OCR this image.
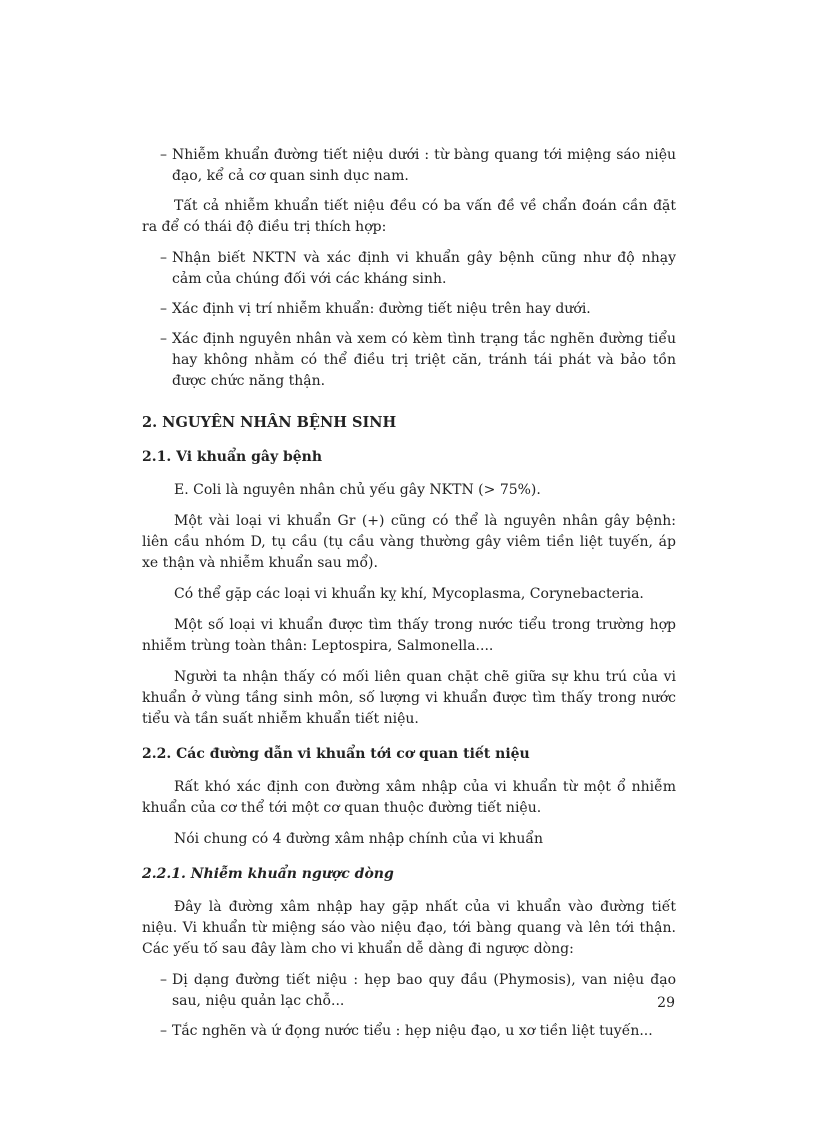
– Nhiễm khuẩn đường tiết niệu dưới : từ bàng quang tới miệng sáo niệu đạo, kể cả cơ quan sinh dục nam.

Tất cả nhiễm khuẩn tiết niệu đều có ba vấn đề về chẩn đoán cần đặt ra để có thái độ điều trị thích hợp:

– Nhận biết NKTN và xác định vi khuẩn gây bệnh cũng như độ nhạy cảm của chúng đối với các kháng sinh.
– Xác định vị trí nhiễm khuẩn: đường tiết niệu trên hay dưới.
– Xác định nguyên nhân và xem có kèm tình trạng tắc nghẽn đường tiểu hay không nhằm có thể điều trị triệt căn, tránh tái phát và bảo tồn được chức năng thận.
2. NGUYÊN NHÂN BỆNH SINH
2.1. Vi khuẩn gây bệnh

E. Coli là nguyên nhân chủ yếu gây NKTN (> 75%).

Một vài loại vi khuẩn Gr (+) cũng có thể là nguyên nhân gây bệnh: liên cầu nhóm D, tụ cầu (tụ cầu vàng thường gây viêm tiền liệt tuyến, áp xe thận và nhiễm khuẩn sau mổ).

Có thể gặp các loại vi khuẩn kỵ khí, Mycoplasma, Corynebacteria.

Một số loại vi khuẩn được tìm thấy trong nước tiểu trong trường hợp nhiễm trùng toàn thân: Leptospira, Salmonella....

Người ta nhận thấy có mối liên quan chặt chẽ giữa sự khu trú của vi khuẩn ở vùng tầng sinh môn, số lượng vi khuẩn được tìm thấy trong nước tiểu và tần suất nhiễm khuẩn tiết niệu.

2.2. Các đường dẫn vi khuẩn tới cơ quan tiết niệu

Rất khó xác định con đường xâm nhập của vi khuẩn từ một ổ nhiễm khuẩn của cơ thể tới một cơ quan thuộc đường tiết niệu.

Nói chung có 4 đường xâm nhập chính của vi khuẩn

2.2.1. Nhiễm khuẩn ngược dòng

Đây là đường xâm nhập hay gặp nhất của vi khuẩn vào đường tiết niệu. Vi khuẩn từ miệng sáo vào niệu đạo, tới bàng quang và lên tới thận. Các yếu tố sau đây làm cho vi khuẩn dễ dàng đi ngược dòng:

– Dị dạng đường tiết niệu : hẹp bao quy đầu (Phymosis), van niệu đạo sau, niệu quản lạc chỗ...
– Tắc nghẽn và ứ đọng nước tiểu : hẹp niệu đạo, u xơ tiền liệt tuyến...
29
